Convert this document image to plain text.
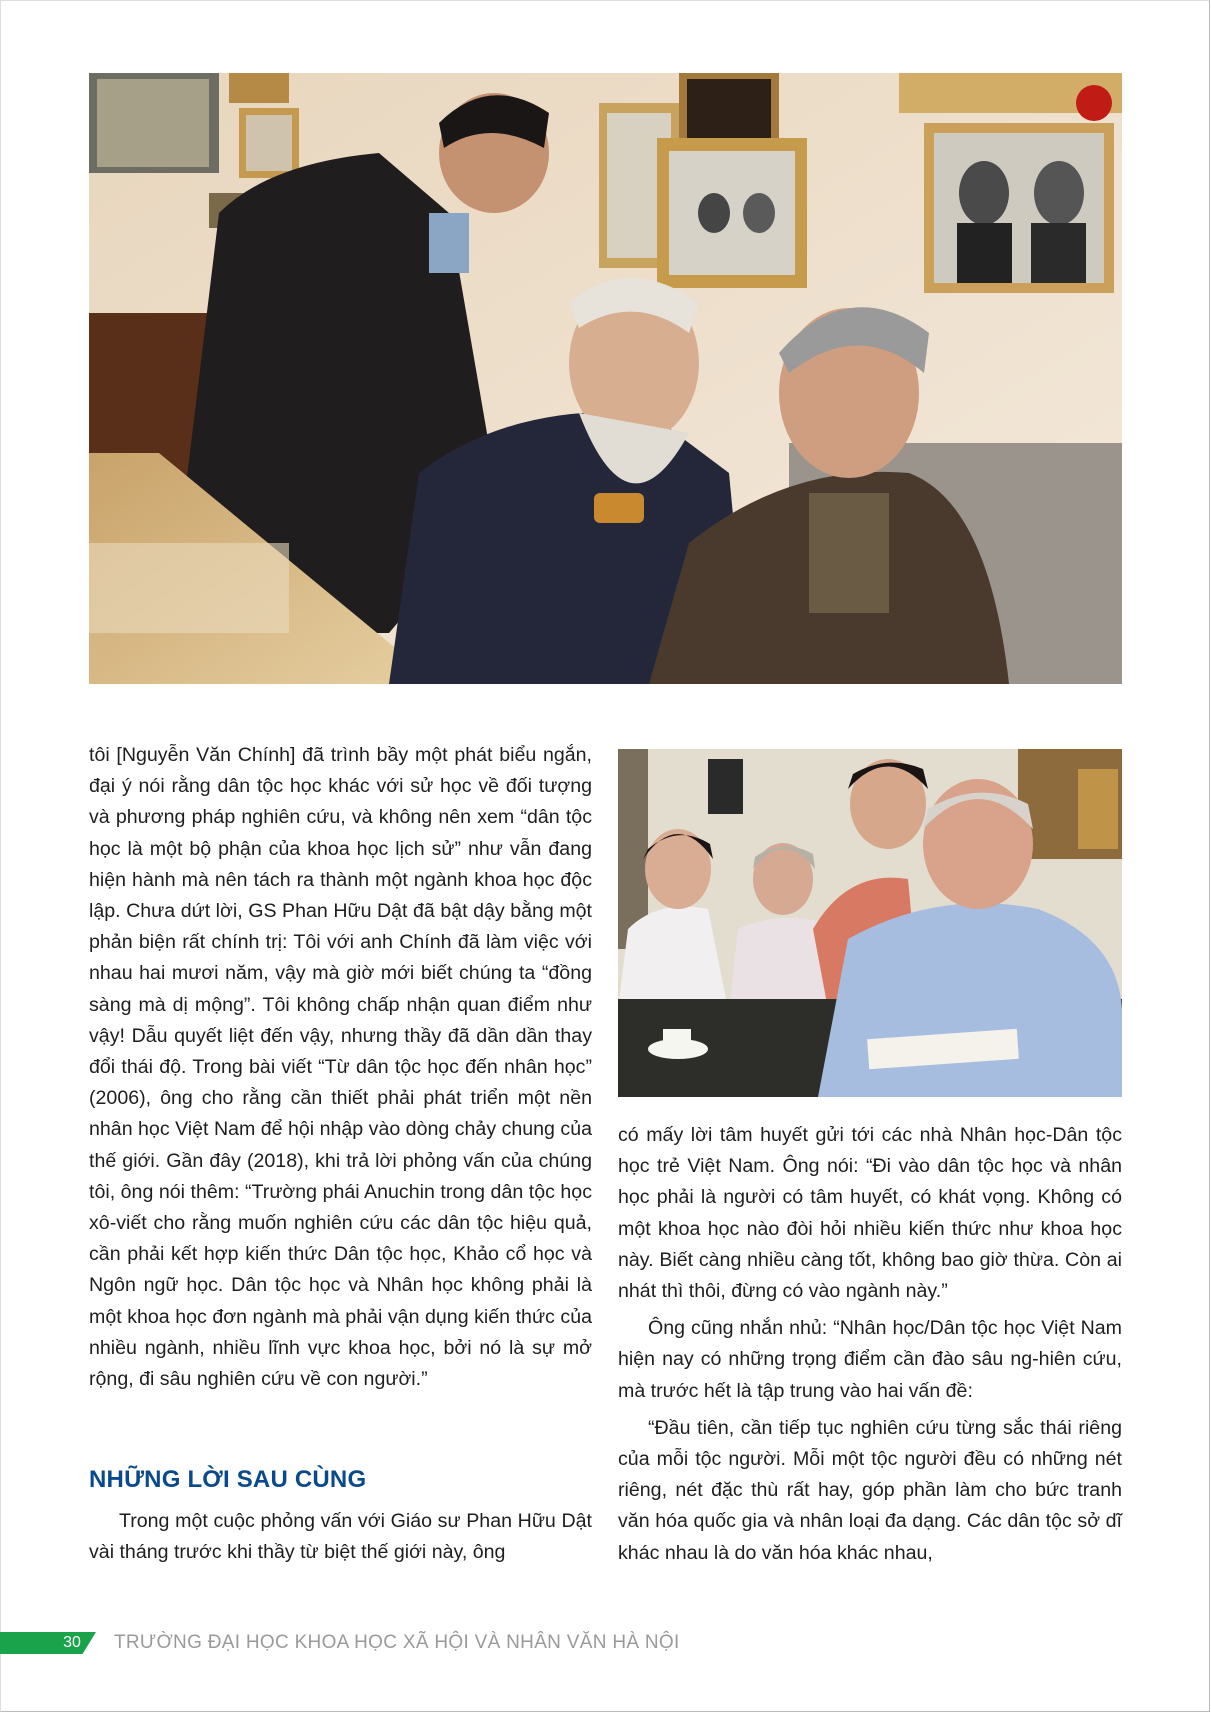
tôi [Nguyễn Văn Chính] đã trình bầy một phát biểu ngắn, đại ý nói rằng dân tộc học khác với sử học về đối tượng và phương pháp nghiên cứu, và không nên xem “dân tộc học là một bộ phận của khoa học lịch sử” như vẫn đang hiện hành mà nên tách ra thành một ngành khoa học độc lập. Chưa dứt lời, GS Phan Hữu Dật đã bật dậy bằng một phản biện rất chính trị: Tôi với anh Chính đã làm việc với nhau hai mươi năm, vậy mà giờ mới biết chúng ta “đồng sàng mà dị mộng”. Tôi không chấp nhận quan điểm như vậy! Dẫu quyết liệt đến vậy, nhưng thầy đã dần dần thay đổi thái độ. Trong bài viết “Từ dân tộc học đến nhân học” (2006), ông cho rằng cần thiết phải phát triển một nền nhân học Việt Nam để hội nhập vào dòng chảy chung của thế giới. Gần đây (2018), khi trả lời phỏng vấn của chúng tôi, ông nói thêm: “Trường phái Anuchin trong dân tộc học xô-viết cho rằng muốn nghiên cứu các dân tộc hiệu quả, cần phải kết hợp kiến thức Dân tộc học, Khảo cổ học và Ngôn ngữ học. Dân tộc học và Nhân học không phải là một khoa học đơn ngành mà phải vận dụng kiến thức của nhiều ngành, nhiều lĩnh vực khoa học, bởi nó là sự mở rộng, đi sâu nghiên cứu về con người.”

NHỮNG LỜI SAU CÙNG

Trong một cuộc phỏng vấn với Giáo sư Phan Hữu Dật vài tháng trước khi thầy từ biệt thế giới này, ông

có mấy lời tâm huyết gửi tới các nhà Nhân học-Dân tộc học trẻ Việt Nam. Ông nói: “Đi vào dân tộc học và nhân học phải là người có tâm huyết, có khát vọng. Không có một khoa học nào đòi hỏi nhiều kiến thức như khoa học này. Biết càng nhiều càng tốt, không bao giờ thừa. Còn ai nhát thì thôi, đừng có vào ngành này.”

Ông cũng nhắn nhủ: “Nhân học/Dân tộc học Việt Nam hiện nay có những trọng điểm cần đào sâu ng-hiên cứu, mà trước hết là tập trung vào hai vấn đề:

“Đầu tiên, cần tiếp tục nghiên cứu từng sắc thái riêng của mỗi tộc người. Mỗi một tộc người đều có những nét riêng, nét đặc thù rất hay, góp phần làm cho bức tranh văn hóa quốc gia và nhân loại đa dạng. Các dân tộc sở dĩ khác nhau là do văn hóa khác nhau,

30	TRƯỜNG ĐẠI HỌC KHOA HỌC XÃ HỘI VÀ NHÂN VĂN HÀ NỘI
